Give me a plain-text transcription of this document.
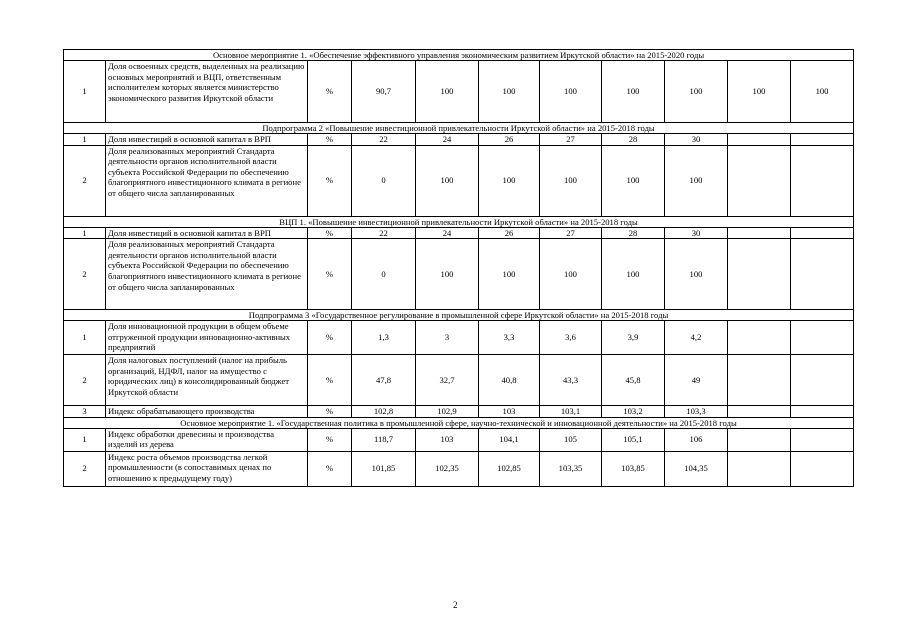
Основное мероприятие 1. «Обеспечение эффективного управления экономическим развитием Иркутской области» на 2015-2020 годы										
1	Доля освоенных средств, выделенных на реализацию основных мероприятий и ВЦП, ответственным исполнителем которых является министерство экономического развития Иркутской области	%	90,7	100	100	100	100	100	100	100
Подпрограмма 2 «Повышение инвестиционной привлекательности Иркутской области» на 2015-2018 годы										
1	Доля инвестиций в основной капитал в ВРП	%	22	24	26	27	28	30		
2	Доля реализованных мероприятий Стандарта деятельности органов исполнительной власти субъекта Российской Федерации по обеспечению благоприятного инвестиционного климата в регионе от общего числа запланированных	%	0	100	100	100	100	100		
ВЦП 1. «Повышение инвестиционной привлекательности Иркутской области» на 2015-2018 годы										
1	Доля инвестиций в основной капитал в ВРП	%	22	24	26	27	28	30		
2	Доля реализованных мероприятий Стандарта деятельности органов исполнительной власти субъекта Российской Федерации по обеспечению благоприятного инвестиционного климата в регионе от общего числа запланированных	%	0	100	100	100	100	100		
Подпрограмма 3 «Государственное регулирование в промышленной сфере Иркутской области» на 2015-2018 годы										
1	Доля инновационной продукции в общем объеме отгруженной продукции инновационно-активных предприятий	%	1,3	3	3,3	3,6	3,9	4,2		
2	Доля налоговых поступлений (налог на прибыль организаций, НДФЛ, налог на имущество с юридических лиц) в консолидированный бюджет Иркутской области	%	47,8	32,7	40,8	43,3	45,8	49		
3	Индекс обрабатывающего производства	%	102,8	102,9	103	103,1	103,2	103,3		
Основное мероприятие 1. «Государственная политика в промышленной сфере, научно-технической и инновационной деятельности» на 2015-2018 годы										
1	Индекс обработки древесины и производства изделий из дерева	%	118,7	103	104,1	105	105,1	106		
2	Индекс роста объемов производства легкой промышленности (в сопоставимых ценах по отношению к предыдущему году)	%	101,85	102,35	102,85	103,35	103,85	104,35		
2
